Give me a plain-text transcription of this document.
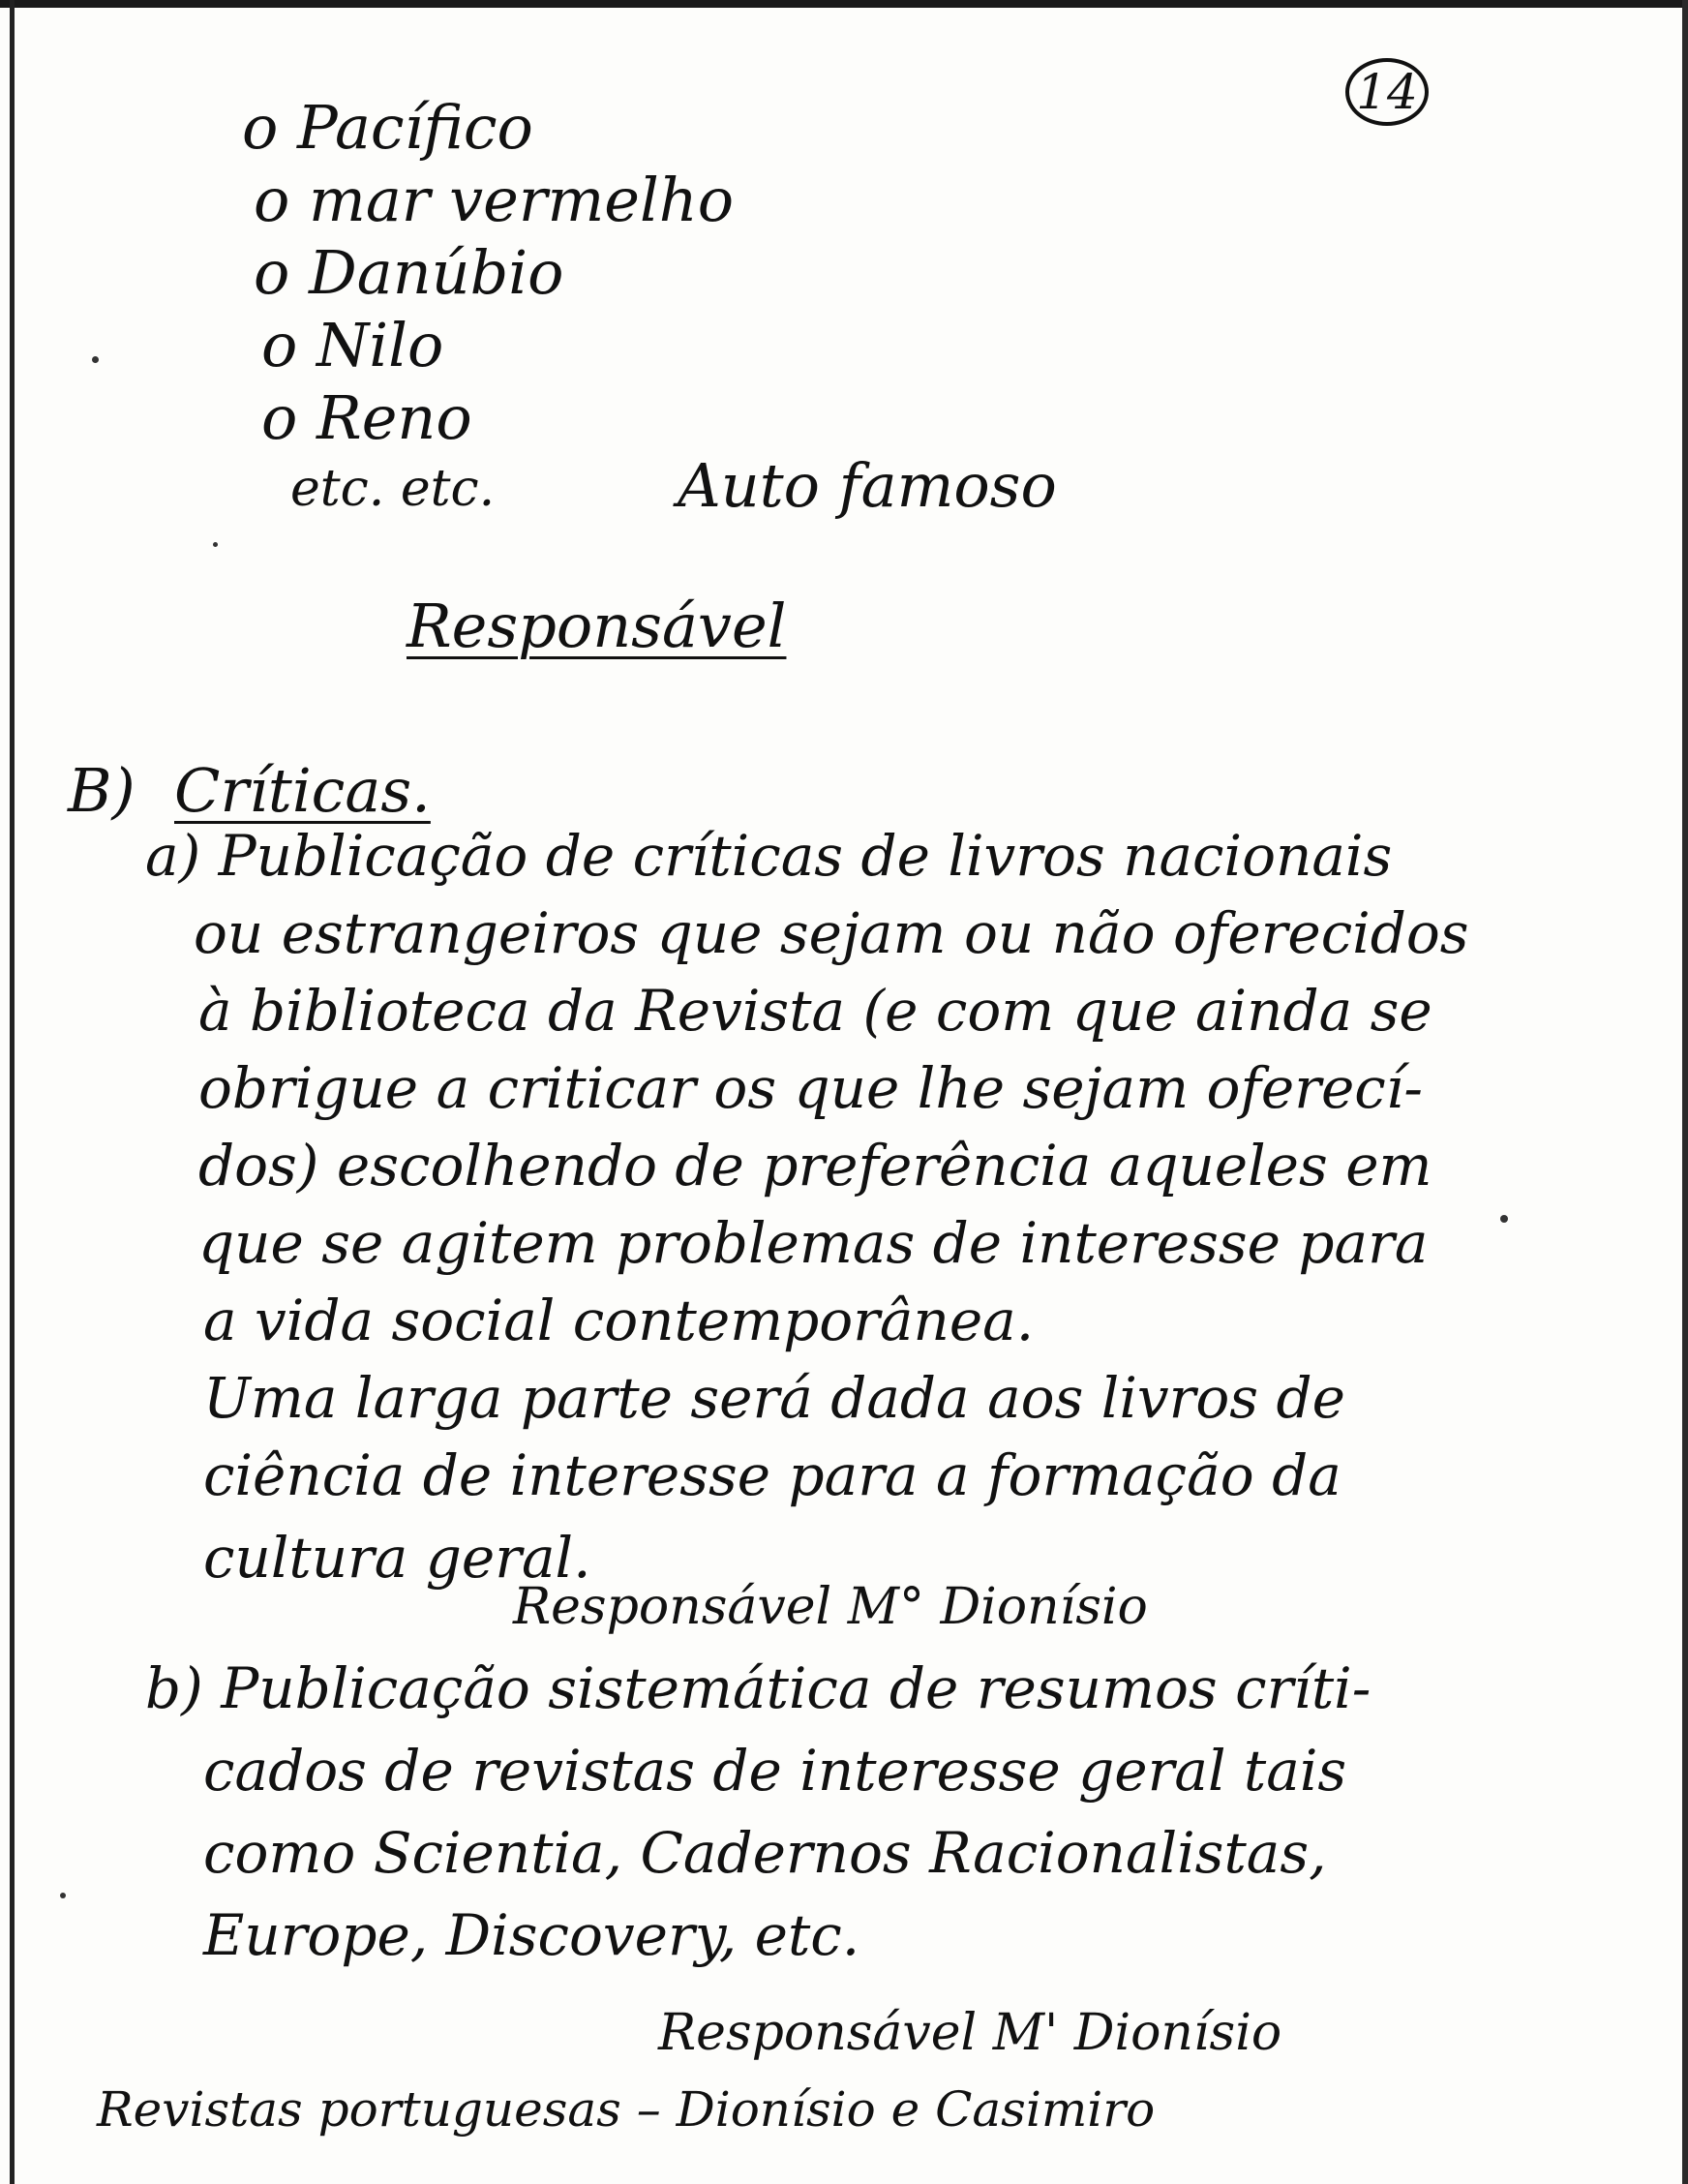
14
o Pacífico
o mar vermelho
o Danúbio
o Nilo
o Reno
etc. etc.	Auto famoso
Responsável
B) Críticas.
a) Publicação de críticas de livros nacionais
ou estrangeiros que sejam ou não oferecidos
à biblioteca da Revista (e com que ainda se
obrigue a criticar os que lhe sejam oferecí-
dos) escolhendo de preferência aqueles em
que se agitem problemas de interesse para
a vida social contemporânea.
Uma larga parte será dada aos livros de
ciência de interesse para a formação da
cultura geral.
Responsável M° Dionísio
b) Publicação sistemática de resumos críti-
cados de revistas de interesse geral tais
como Scientia, Cadernos Racionalistas,
Europe, Discovery, etc.
Responsável M' Dionísio
Revistas portuguesas – Dionísio e Casimiro
